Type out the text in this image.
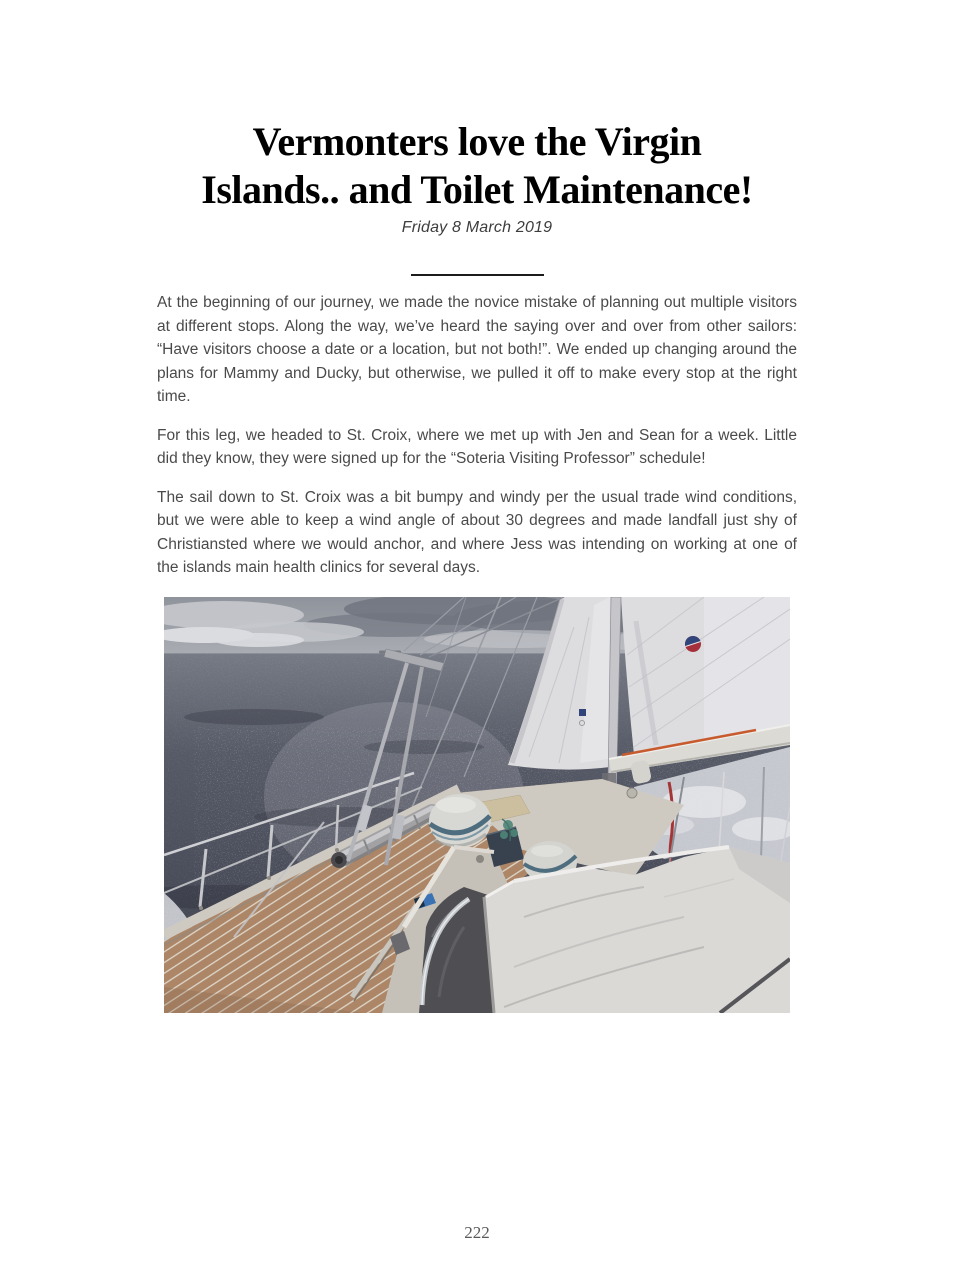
Vermonters love the Virgin
Islands.. and Toilet Maintenance!
Friday 8 March 2019

At the beginning of our journey, we made the novice mistake of planning out multiple visitors at different stops. Along the way, we’ve heard the saying over and over from other sailors: “Have visitors choose a date or a location, but not both!”. We ended up changing around the plans for Mammy and Ducky, but otherwise, we pulled it off to make every stop at the right time.

For this leg, we headed to St. Croix, where we met up with Jen and Sean for a week. Little did they know, they were signed up for the “Soteria Visiting Professor” schedule!

The sail down to St. Croix was a bit bumpy and windy per the usual trade wind conditions, but we were able to keep a wind angle of about 30 degrees and made landfall just shy of Christiansted where we would anchor, and where Jess was intending on working at one of the islands main health clinics for several days.

222
